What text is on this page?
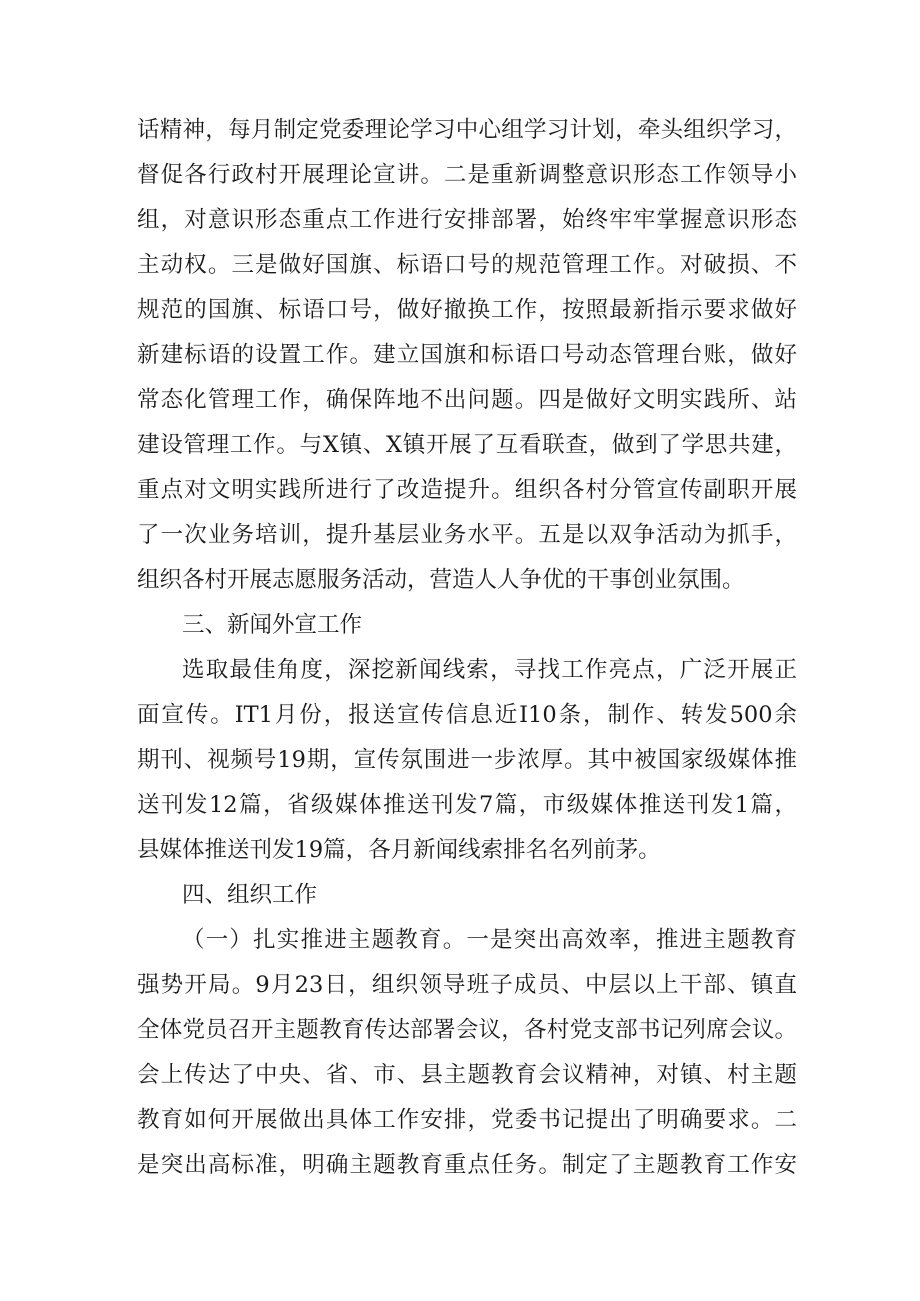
话精神，每月制定党委理论学习中心组学习计划，牵头组织学习，
督促各行政村开展理论宣讲。二是重新调整意识形态工作领导小
组，对意识形态重点工作进行安排部署，始终牢牢掌握意识形态
主动权。三是做好国旗、标语口号的规范管理工作。对破损、不
规范的国旗、标语口号，做好撤换工作，按照最新指示要求做好
新建标语的设置工作。建立国旗和标语口号动态管理台账，做好
常态化管理工作，确保阵地不出问题。四是做好文明实践所、站
建设管理工作。与X镇、X镇开展了互看联查，做到了学思共建，
重点对文明实践所进行了改造提升。组织各村分管宣传副职开展
了一次业务培训，提升基层业务水平。五是以双争活动为抓手，
组织各村开展志愿服务活动，营造人人争优的干事创业氛围。
三、新闻外宣工作
选取最佳角度，深挖新闻线索，寻找工作亮点，广泛开展正
面宣传。IT1月份，报送宣传信息近I10条，制作、转发500余
期刊、视频号19期，宣传氛围进一步浓厚。其中被国家级媒体推
送刊发12篇，省级媒体推送刊发7篇，市级媒体推送刊发1篇，
县媒体推送刊发19篇，各月新闻线索排名名列前茅。
四、组织工作
（一）扎实推进主题教育。一是突出高效率，推进主题教育
强势开局。9月23日，组织领导班子成员、中层以上干部、镇直
全体党员召开主题教育传达部署会议，各村党支部书记列席会议。
会上传达了中央、省、市、县主题教育会议精神，对镇、村主题
教育如何开展做出具体工作安排，党委书记提出了明确要求。二
是突出高标准，明确主题教育重点任务。制定了主题教育工作安
